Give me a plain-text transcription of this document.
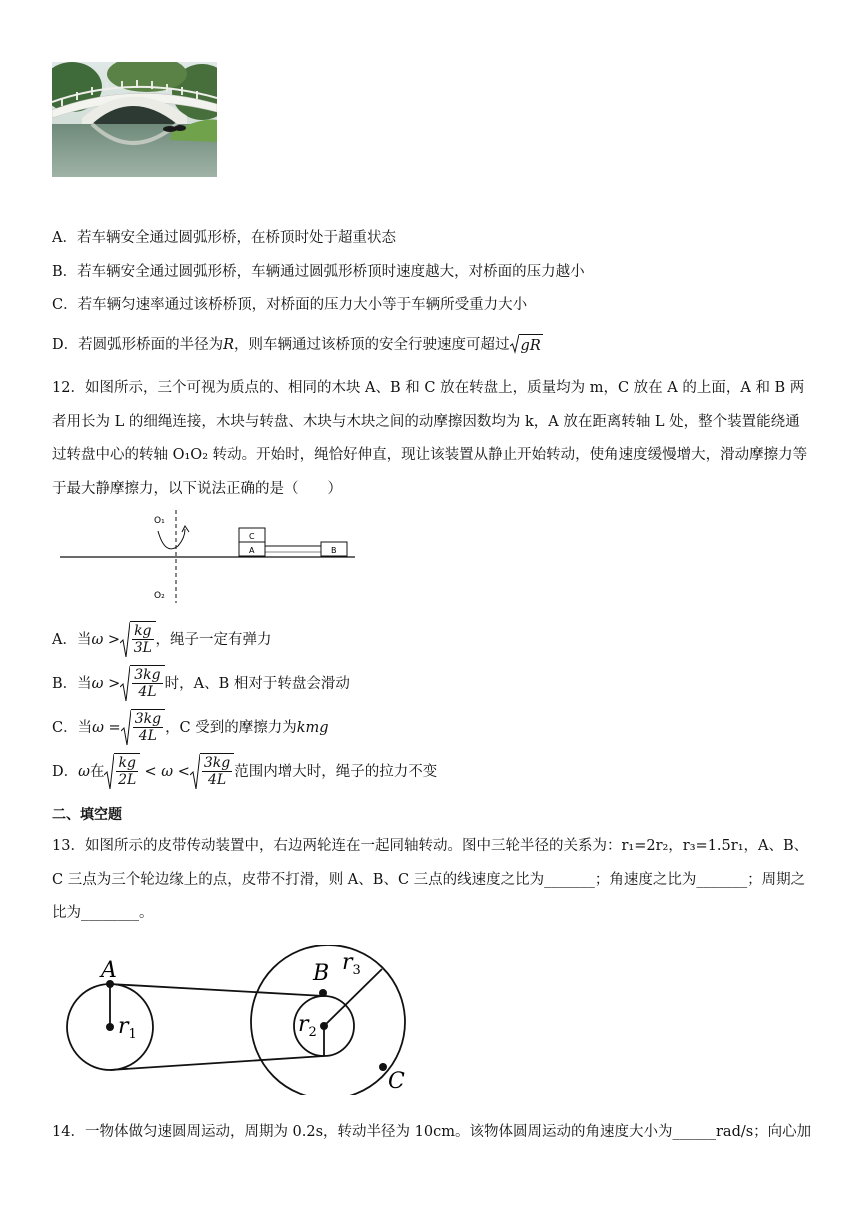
A．若车辆安全通过圆弧形桥，在桥顶时处于超重状态
B．若车辆安全通过圆弧形桥，车辆通过圆弧形桥顶时速度越大，对桥面的压力越小
C．若车辆匀速率通过该桥桥顶，对桥面的压力大小等于车辆所受重力大小
D．若圆弧形桥面的半径为R，则车辆通过该桥顶的安全行驶速度可超过 gR
12．如图所示，三个可视为质点的、相同的木块 A、B 和 C 放在转盘上，质量均为 m，C 放在 A 的上面，A 和 B 两者用长为 L 的细绳连接，木块与转盘、木块与木块之间的动摩擦因数均为 k，A 放在距离转轴 L 处，整个装置能绕通过转盘中心的转轴 O₁O₂ 转动。开始时，绳恰好伸直，现让该装置从静止开始转动，使角速度缓慢增大，滑动摩擦力等于最大静摩擦力，以下说法正确的是（　　）
O₁
O₂
C
A	B
A．当 $\omega > \frac{kg}{3L}$ ，绳子一定有弹力
B．当 $\omega > \frac{3kg}{4L}$ 时，A、B 相对于转盘会滑动
C．当 $\omega = \frac{3kg}{4L}$ ，C 受到的摩擦力为 kmg
D． ω 在 $\frac{kg}{2L} < \omega < \frac{3kg}{4L}$ 范围内增大时，绳子的拉力不变
二、填空题
13．如图所示的皮带传动装置中，右边两轮连在一起同轴转动。图中三轮半径的关系为：r₁=2r₂，r₃=1.5r₁，A、B、C 三点为三个轮边缘上的点，皮带不打滑，则 A、B、C 三点的线速度之比为_______；角速度之比为_______；周期之比为________。
A	B
C
$r_1$	$r_2$
$r_3$
14．一物体做匀速圆周运动，周期为 0.2s，转动半径为 10cm。该物体圆周运动的角速度大小为______rad/s；向心加
